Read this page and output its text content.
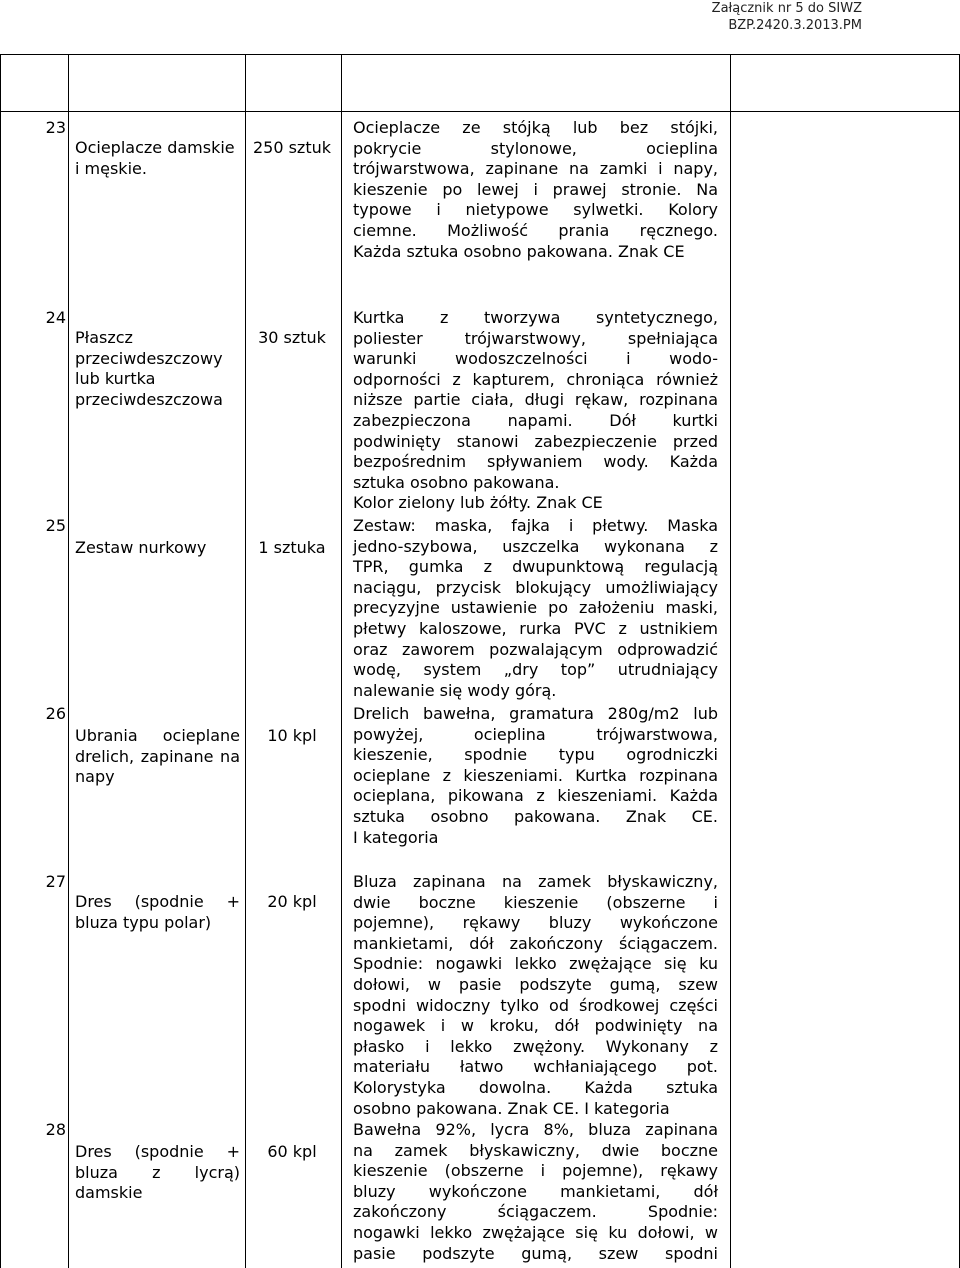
Załącznik nr 5 do SIWZ
BZP.2420.3.2013.PM
23
Ocieplacze damskie i męskie.
250 sztuk
Ocieplacze ze stójką lub bez stójki,
pokrycie stylonowe, ocieplina
trójwarstwowa, zapinane na zamki i napy,
kieszenie po lewej i prawej stronie. Na
typowe i nietypowe sylwetki. Kolory
ciemne. Możliwość prania ręcznego.
Każda sztuka osobno pakowana. Znak CE
24
Płaszcz przeciwdeszczowy lub kurtka przeciwdeszczowa
30 sztuk
Kurtka z tworzywa syntetycznego,
poliester trójwarstwowy, spełniająca
warunki wodoszczelności i wodo-
odporności z kapturem, chroniąca również
niższe partie ciała, długi rękaw, rozpinana
zabezpieczona napami. Dół kurtki
podwinięty stanowi zabezpieczenie przed
bezpośrednim spływaniem wody. Każda
sztuka osobno pakowana.
Kolor zielony lub żółty. Znak CE
25
Zestaw nurkowy	1 sztuka
Zestaw: maska, fajka i płetwy. Maska
jedno-szybowa, uszczelka wykonana z
TPR, gumka z dwupunktową regulacją
naciągu, przycisk blokujący umożliwiający
precyzyjne ustawienie po założeniu maski,
płetwy kaloszowe, rurka PVC z ustnikiem
oraz zaworem pozwalającym odprowadzić
wodę, system „dry top” utrudniający
nalewanie się wody górą.
26
Ubrania ocieplane drelich, zapinane na napy
10 kpl
Drelich bawełna, gramatura 280g/m2 lub
powyżej, ocieplina trójwarstwowa,
kieszenie, spodnie typu ogrodniczki
ocieplane z kieszeniami. Kurtka rozpinana
ocieplana, pikowana z kieszeniami. Każda
sztuka osobno pakowana. Znak CE.
I kategoria
27
Dres (spodnie + bluza typu polar)
20 kpl
Bluza zapinana na zamek błyskawiczny,
dwie boczne kieszenie (obszerne i
pojemne), rękawy bluzy wykończone
mankietami, dół zakończony ściągaczem.
Spodnie: nogawki lekko zwężające się ku
dołowi, w pasie podszyte gumą, szew
spodni widoczny tylko od środkowej części
nogawek i w kroku, dół podwinięty na
płasko i lekko zwężony. Wykonany z
materiału łatwo wchłaniającego pot.
Kolorystyka dowolna. Każda sztuka
osobno pakowana. Znak CE. I kategoria
28
Dres (spodnie + bluza z lycrą) damskie
60 kpl
Bawełna 92%, lycra 8%, bluza zapinana
na zamek błyskawiczny, dwie boczne
kieszenie (obszerne i pojemne), rękawy
bluzy wykończone mankietami, dół
zakończony ściągaczem. Spodnie:
nogawki lekko zwężające się ku dołowi, w
pasie podszyte gumą, szew spodni
